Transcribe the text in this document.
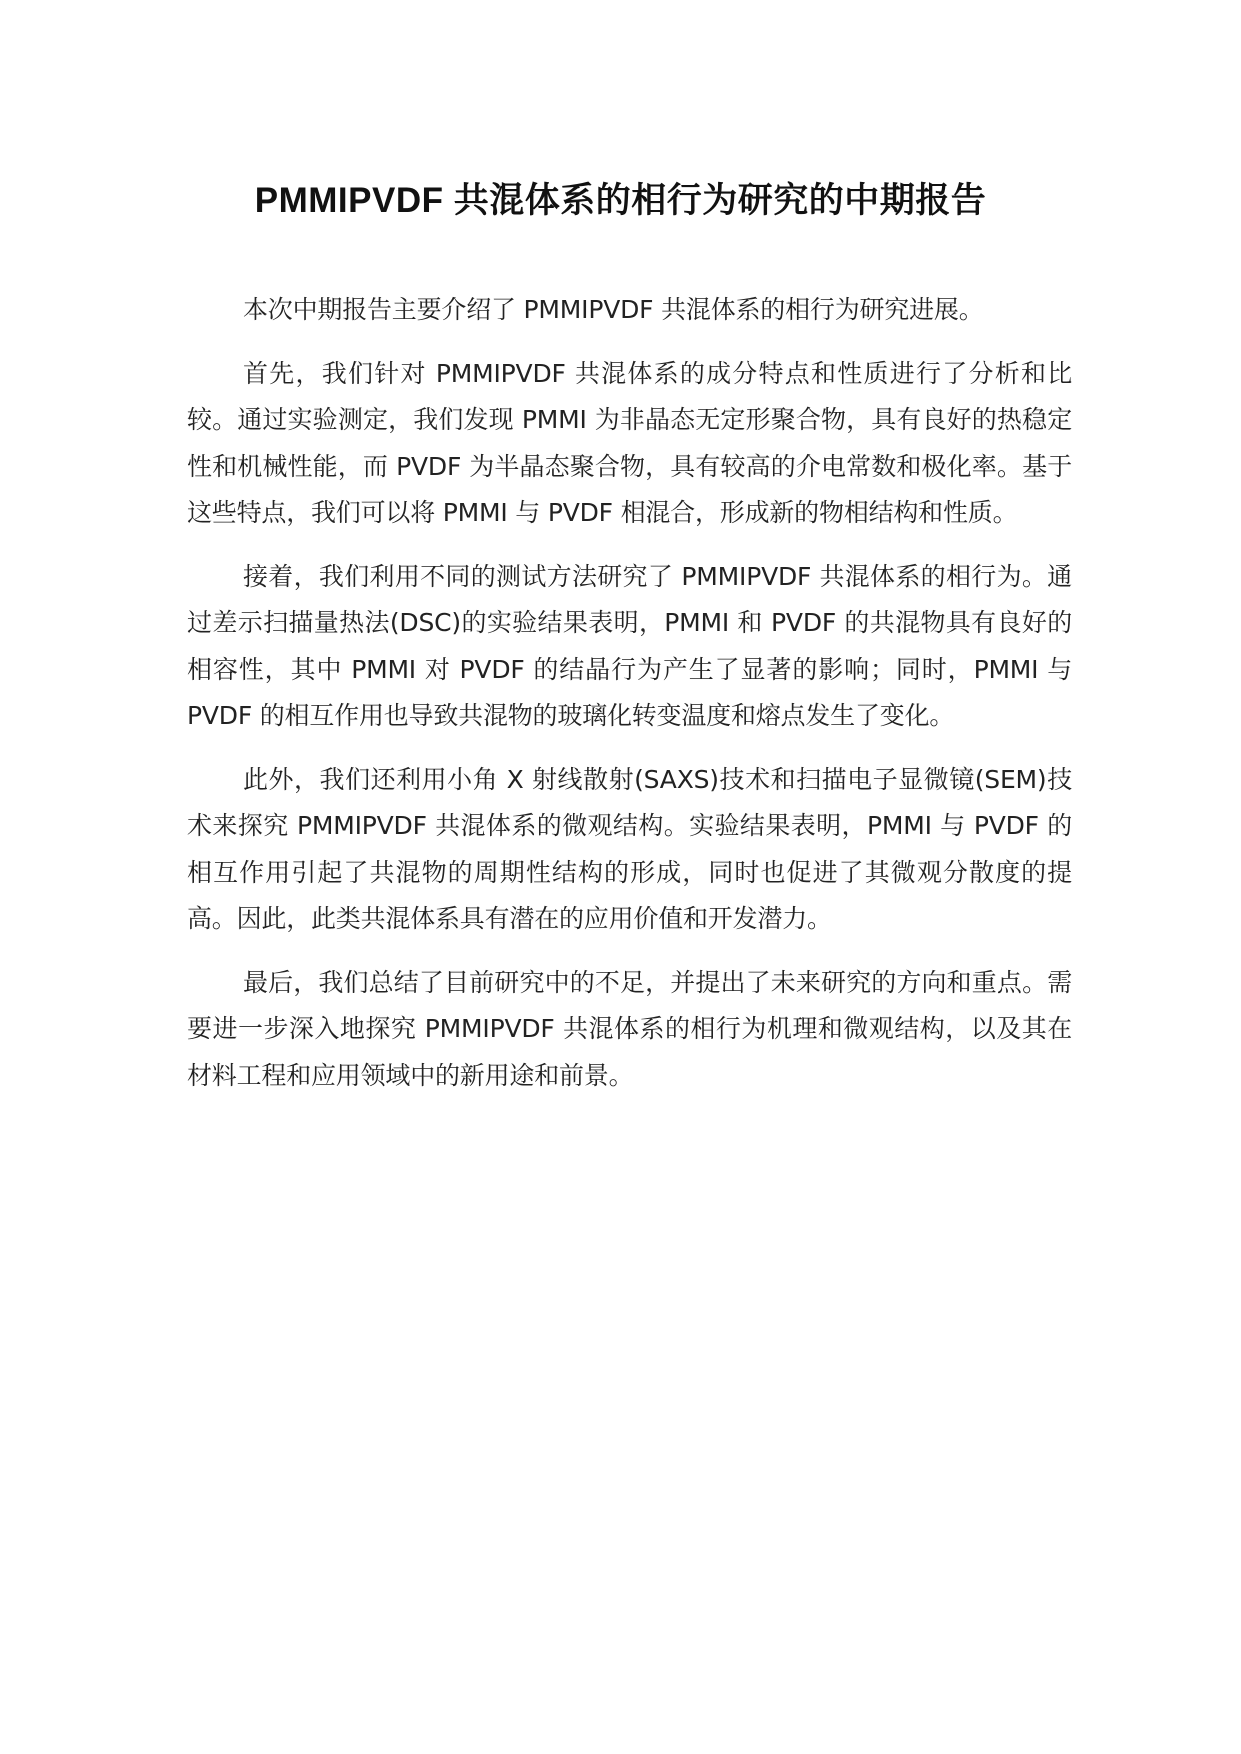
PMMIPVDF 共混体系的相行为研究的中期报告

本次中期报告主要介绍了 PMMIPVDF 共混体系的相行为研究进展。

首先，我们针对 PMMIPVDF 共混体系的成分特点和性质进行了分析和比较。通过实验测定，我们发现 PMMI 为非晶态无定形聚合物，具有良好的热稳定性和机械性能，而 PVDF 为半晶态聚合物，具有较高的介电常数和极化率。基于这些特点，我们可以将 PMMI 与 PVDF 相混合，形成新的物相结构和性质。

接着，我们利用不同的测试方法研究了 PMMIPVDF 共混体系的相行为。通过差示扫描量热法(DSC)的实验结果表明，PMMI 和 PVDF 的共混物具有良好的相容性，其中 PMMI 对 PVDF 的结晶行为产生了显著的影响；同时，PMMI 与 PVDF 的相互作用也导致共混物的玻璃化转变温度和熔点发生了变化。

此外，我们还利用小角 X 射线散射(SAXS)技术和扫描电子显微镜(SEM)技术来探究 PMMIPVDF 共混体系的微观结构。实验结果表明，PMMI 与 PVDF 的相互作用引起了共混物的周期性结构的形成，同时也促进了其微观分散度的提高。因此，此类共混体系具有潜在的应用价值和开发潜力。

最后，我们总结了目前研究中的不足，并提出了未来研究的方向和重点。需要进一步深入地探究 PMMIPVDF 共混体系的相行为机理和微观结构，以及其在材料工程和应用领域中的新用途和前景。
